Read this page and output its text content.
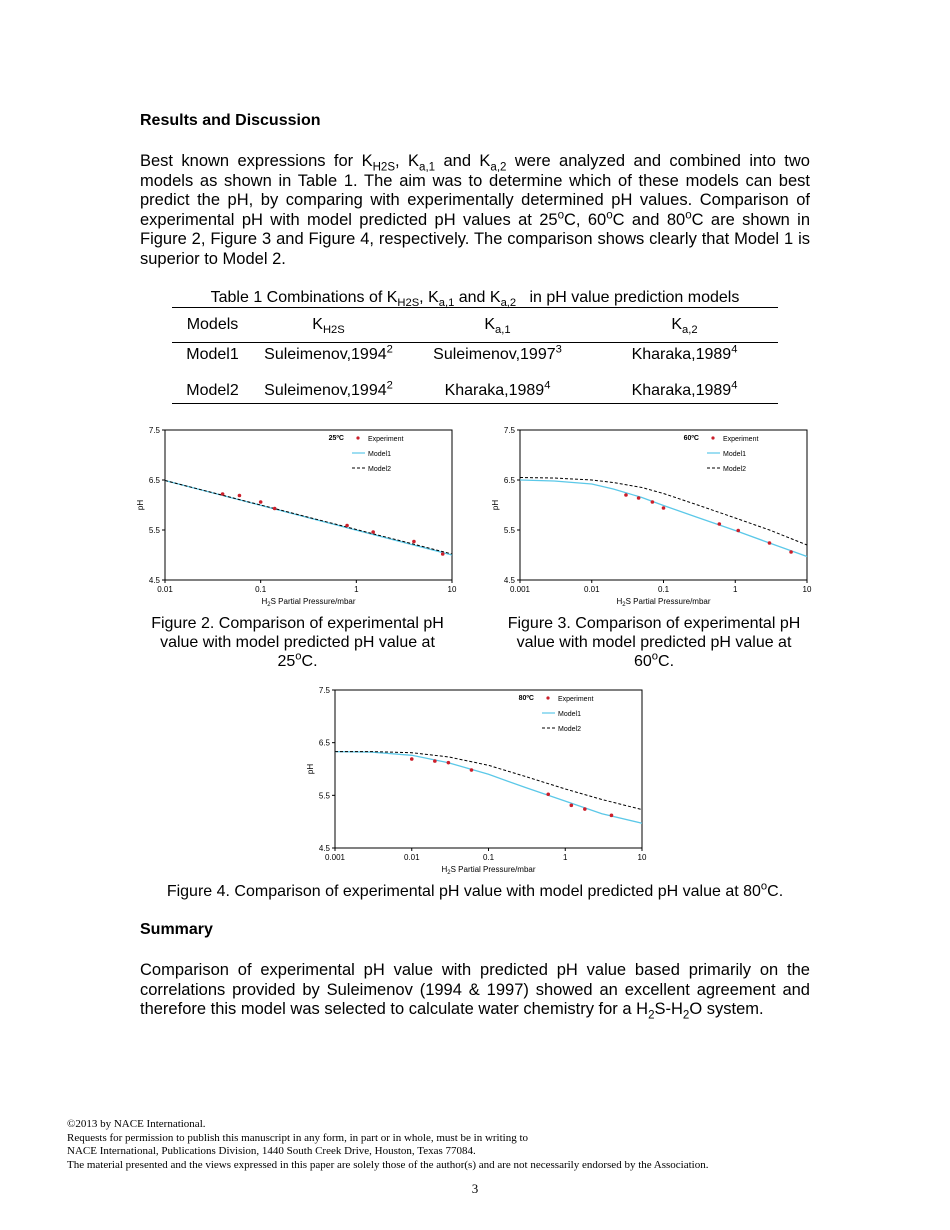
Results and Discussion

Best known expressions for $K_{H2S}$, $K_{a,1}$ and $K_{a,2}$ were analyzed and combined into two models as shown in Table 1. The aim was to determine which of these models can best predict the pH, by comparing with experimentally determined pH values. Comparison of experimental pH with model predicted pH values at 25$^o$C, 60$^o$C and 80$^o$C are shown in Figure 2, Figure 3 and Figure 4, respectively. The comparison shows clearly that Model 1 is superior to Model 2.

Table 1 Combinations of $K_{H2S}$, $K_{a,1}$ and $K_{a,2}$   in pH value prediction models
Models	$K_{H2S}$	$K_{a,1}$	$K_{a,2}$
Model1	Suleimenov,1994$^2$	Suleimenov,1997$^3$	Kharaka,1989$^4$

Model2	Suleimenov,1994$^2$	Kharaka,1989$^4$	Kharaka,1989$^4$
0.01	0.1	1	10
4.5
5.5
6.5
7.5
$H_2S$ Partial Pressure/mbar
pH
25ºC	Experiment
Model1
Model2
0.001	0.01	0.1	1	10
4.5
5.5
6.5
7.5
$H_2S$ Partial Pressure/mbar
pH
60ºC	Experiment
Model1
Model2
0.001	0.01	0.1	1	10
4.5
5.5
6.5
7.5
$H_2S$ Partial Pressure/mbar
pH
80ºC	Experiment
Model1
Model2
Figure 2. Comparison of experimental pH value with model predicted pH value at 25$^o$C.
Figure 3. Comparison of experimental pH value with model predicted pH value at 60$^o$C.
Figure 4. Comparison of experimental pH value with model predicted pH value at 80$^o$C.
Summary

Comparison of experimental pH value with predicted pH value based primarily on the correlations provided by Suleimenov (1994 & 1997) showed an excellent agreement and therefore this model was selected to calculate water chemistry for a $H_2S-H_2O$ system.

©2013 by NACE International.
Requests for permission to publish this manuscript in any form, in part or in whole, must be in writing to
NACE International, Publications Division, 1440 South Creek Drive, Houston, Texas 77084.
The material presented and the views expressed in this paper are solely those of the author(s) and are not necessarily endorsed by the Association.
3
